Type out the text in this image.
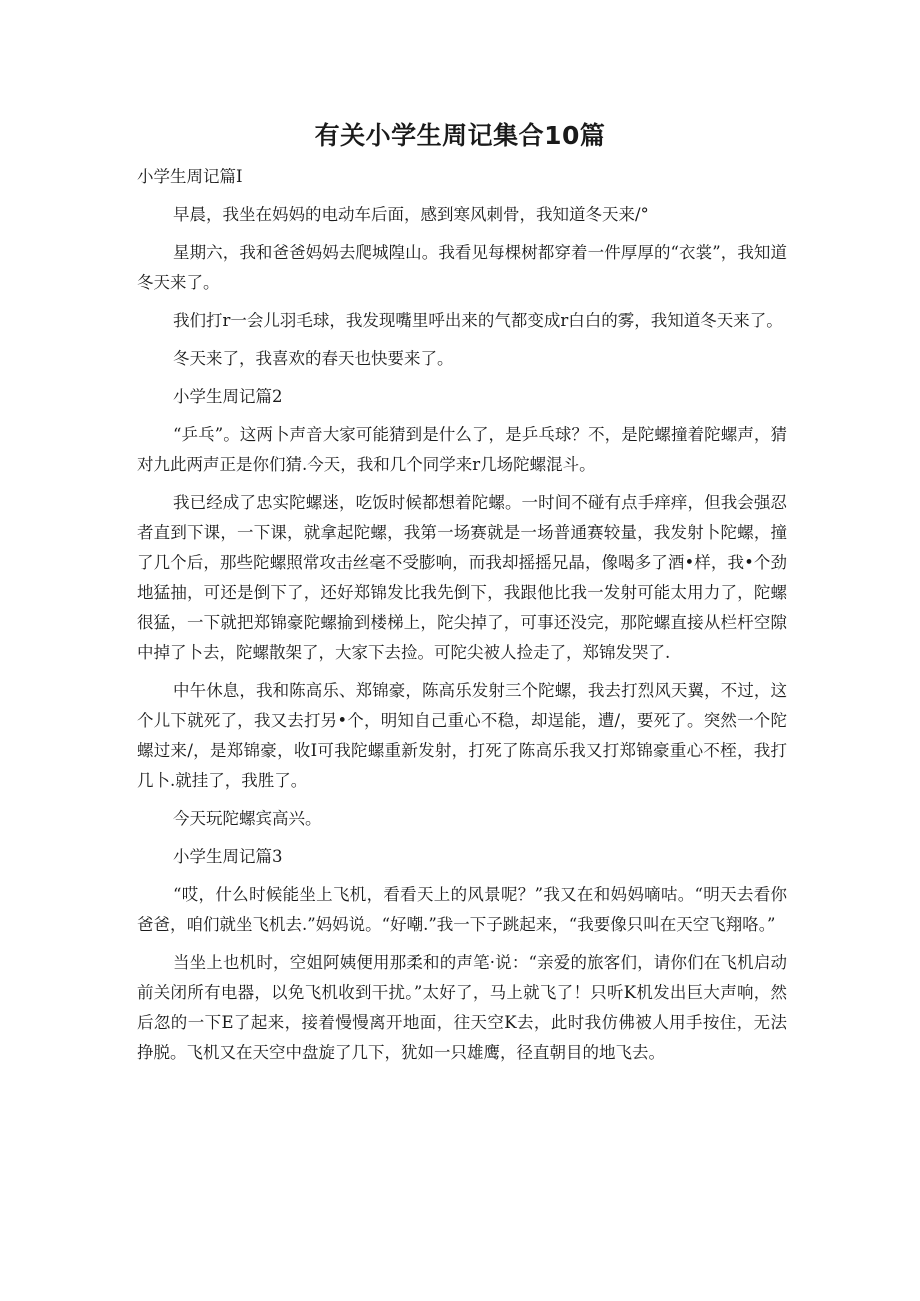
有关小学生周记集合10篇

小学生周记篇I

早晨，我坐在妈妈的电动车后面，感到寒风刺骨，我知道冬天来/°

星期六，我和爸爸妈妈去爬城隍山。我看见每棵树都穿着一件厚厚的“衣裳”，我知道冬天来了。

我们打r一会儿羽毛球，我发现嘴里呼出来的气都变成r白白的雾，我知道冬天来了。

冬天来了，我喜欢的春天也快要来了。

小学生周记篇2

“乒乓”。这两卜声音大家可能猜到是什么了，是乒乓球？不，是陀螺撞着陀螺声，猜对九此两声正是你们猜.今天，我和几个同学来r几场陀螺混斗。

我已经成了忠实陀螺迷，吃饭时候都想着陀螺。一时间不碰有点手痒痒，但我会强忍者直到下课，一下课，就拿起陀螺，我第一场赛就是一场普通赛较量，我发射卜陀螺，撞了几个后，那些陀螺照常攻击丝毫不受膨响，而我却摇摇兄晶，像喝多了酒•样，我•个劲地猛抽，可还是倒下了，还好郑锦发比我先倒下，我跟他比我一发射可能太用力了，陀螺很猛，一下就把郑锦豪陀螺揄到楼梯上，陀尖掉了，可事还没完，那陀螺直接从栏杆空隙中掉了卜去，陀螺散架了，大家下去捡。可陀尖被人捡走了，郑锦发哭了.

中午休息，我和陈高乐、郑锦豪，陈高乐发射三个陀螺，我去打烈风天翼，不过，这个儿下就死了，我又去打另•个，明知自己重心不稳，却逞能，遭/，要死了。突然一个陀螺过来/，是郑锦豪，收I可我陀螺重新发射，打死了陈高乐我又打郑锦豪重心不桎，我打几卜.就挂了，我胜了。

今天玩陀螺宾高兴。

小学生周记篇3

“哎，什么时候能坐上飞机，看看天上的风景呢？”我又在和妈妈嘀咕。“明天去看你爸爸，咱们就坐飞机去.”妈妈说。“好嘲.”我一下子跳起来，“我要像只叫在天空飞翔咯。”

当坐上也机时，空姐阿姨便用那柔和的声笔·说：“亲爱的旅客们，请你们在飞机启动前关闭所有电器，以免飞机收到干扰。”太好了，马上就飞了！只听K机发出巨大声响，然后忽的一下E了起来，接着慢慢离开地面，往天空K去，此时我仿佛被人用手按住，无法挣脱。飞机又在天空中盘旋了几下，犹如一只雄鹰，径直朝目的地飞去。
